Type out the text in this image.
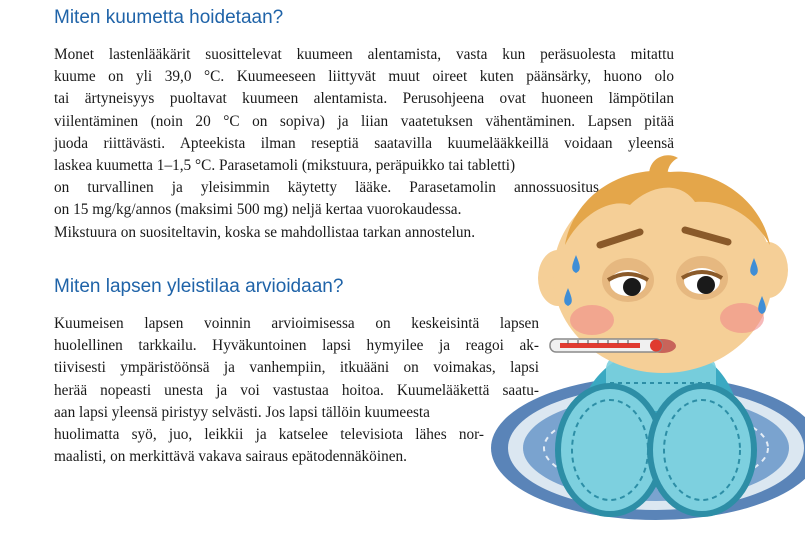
Miten kuumetta hoidetaan?
Monet lastenlääkärit suosittelevat kuumeen alentamista, vasta kun peräsuolesta mitattu
kuume on yli 39,0 °C. Kuumeeseen liittyvät muut oireet kuten päänsärky, huono olo
tai ärtyneisyys puoltavat kuumeen alentamista. Perusohjeena ovat huoneen lämpötilan
viilentäminen (noin 20 °C on sopiva) ja liian vaatetuksen vähentäminen. Lapsen pitää
juoda riittävästi. Apteekista ilman reseptiä saatavilla kuumelääkkeillä voidaan yleensä
laskea kuumetta 1–1,5 °C. Parasetamoli (mikstuura, peräpuikko tai tabletti)
on turvallinen ja yleisimmin käytetty lääke. Parasetamolin annossuositus
on 15 mg/kg/annos (maksimi 500 mg) neljä kertaa vuorokaudessa.
Mikstuura on suositeltavin, koska se mahdollistaa tarkan annostelun.
Miten lapsen yleistilaa arvioidaan?
Kuumeisen lapsen voinnin arvioimisessa on keskeisintä lapsen
huolellinen tarkkailu. Hyväkuntoinen lapsi hymyilee ja reagoi ak-
tiivisesti ympäristöönsä ja vanhempiin, itkuääni on voimakas, lapsi
herää nopeasti unesta ja voi vastustaa hoitoa. Kuumelääkettä saatu-
aan lapsi yleensä piristyy selvästi. Jos lapsi tällöin kuumeesta
huolimatta syö, juo, leikkii ja katselee televisiota lähes nor-
maalisti, on merkittävä vakava sairaus epätodennäköinen.
